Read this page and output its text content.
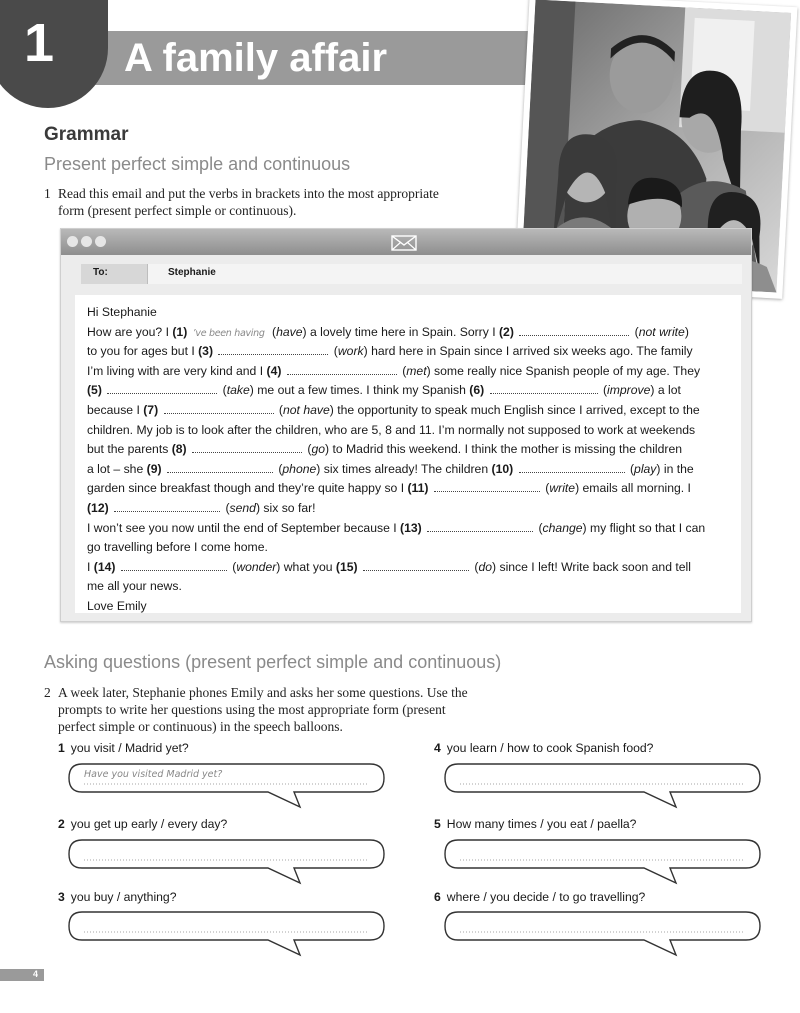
1 A family affair
Grammar
Present perfect simple and continuous
1 Read this email and put the verbs in brackets into the most appropriate
form (present perfect simple or continuous).
To:	Stephanie
Hi Stephanie
How are you? I (1) ’ve been having (have) a lovely time here in Spain. Sorry I (2)	(not write)
to you for ages but I (3)	(work) hard here in Spain since I arrived six weeks ago. The family
I’m living with are very kind and I (4)	(met) some really nice Spanish people of my age. They
(5)	(take) me out a few times. I think my Spanish (6)	(improve) a lot
because I (7)	(not have) the opportunity to speak much English since I arrived, except to the
children. My job is to look after the children, who are 5, 8 and 11. I’m normally not supposed to work at weekends
but the parents (8)	(go) to Madrid this weekend. I think the mother is missing the children
a lot – she (9)	(phone) six times already! The children (10)	(play) in the
garden since breakfast though and they’re quite happy so I (11)	(write) emails all morning. I
(12)	(send) six so far!
I won’t see you now until the end of September because I (13)	(change) my flight so that I can
go travelling before I come home.
I (14)	(wonder) what you (15)	(do) since I left! Write back soon and tell
me all your news.
Love Emily
Asking questions (present perfect simple and continuous)
2 A week later, Stephanie phones Emily and asks her some questions. Use the
prompts to write her questions using the most appropriate form (present
perfect simple or continuous) in the speech balloons.
1 you visit / Madrid yet?	4 you learn / how to cook Spanish food?
2 you get up early / every day?	5 How many times / you eat / paella?
3 you buy / anything?	6 where / you decide / to go travelling?
Have you visited Madrid yet?
4
